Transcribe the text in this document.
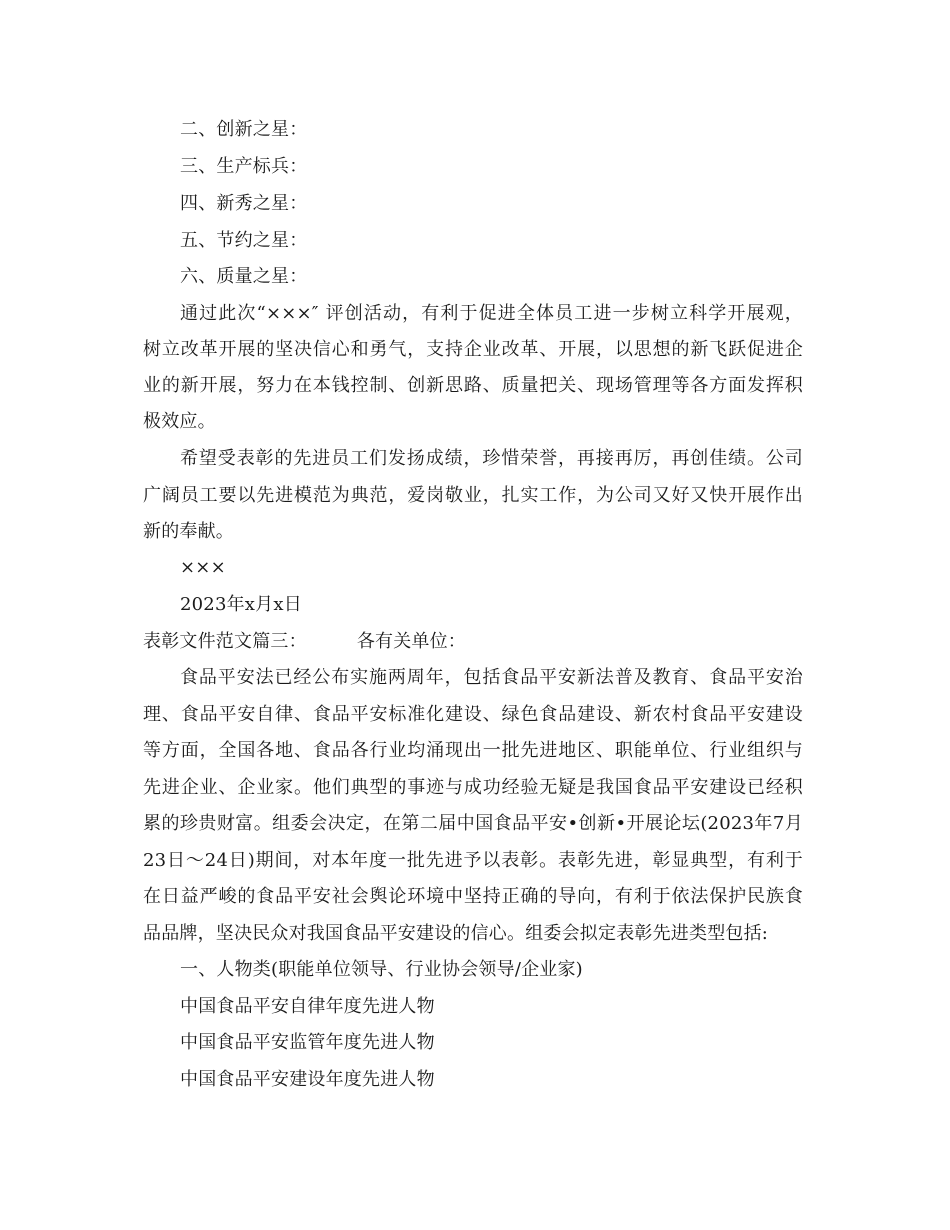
二、创新之星：
三、生产标兵：
四、新秀之星：
五、节约之星：
六、质量之星：
通过此次“×××″ 评创活动，有利于促进全体员工进一步树立科学开展观，
树立改革开展的坚决信心和勇气，支持企业改革、开展，以思想的新飞跃促进企
业的新开展，努力在本钱控制、创新思路、质量把关、现场管理等各方面发挥积
极效应。
希望受表彰的先进员工们发扬成绩，珍惜荣誉，再接再厉，再创佳绩。公司
广阔员工要以先进模范为典范，爱岗敬业，扎实工作，为公司又好又快开展作出
新的奉献。
×××
2023年x月x日
表彰文件范文篇三：	各有关单位：
食品平安法已经公布实施两周年，包括食品平安新法普及教育、食品平安治
理、食品平安自律、食品平安标准化建设、绿色食品建设、新农村食品平安建设
等方面，全国各地、食品各行业均涌现出一批先进地区、职能单位、行业组织与
先进企业、企业家。他们典型的事迹与成功经验无疑是我国食品平安建设已经积
累的珍贵财富。组委会决定，在第二届中国食品平安•创新•开展论坛(2023年7月
23日～24日)期间，对本年度一批先进予以表彰。表彰先进，彰显典型，有利于
在日益严峻的食品平安社会舆论环境中坚持正确的导向，有利于依法保护民族食
品品牌，坚决民众对我国食品平安建设的信心。组委会拟定表彰先进类型包括:
一、人物类(职能单位领导、行业协会领导/企业家)
中国食品平安自律年度先进人物
中国食品平安监管年度先进人物
中国食品平安建设年度先进人物
